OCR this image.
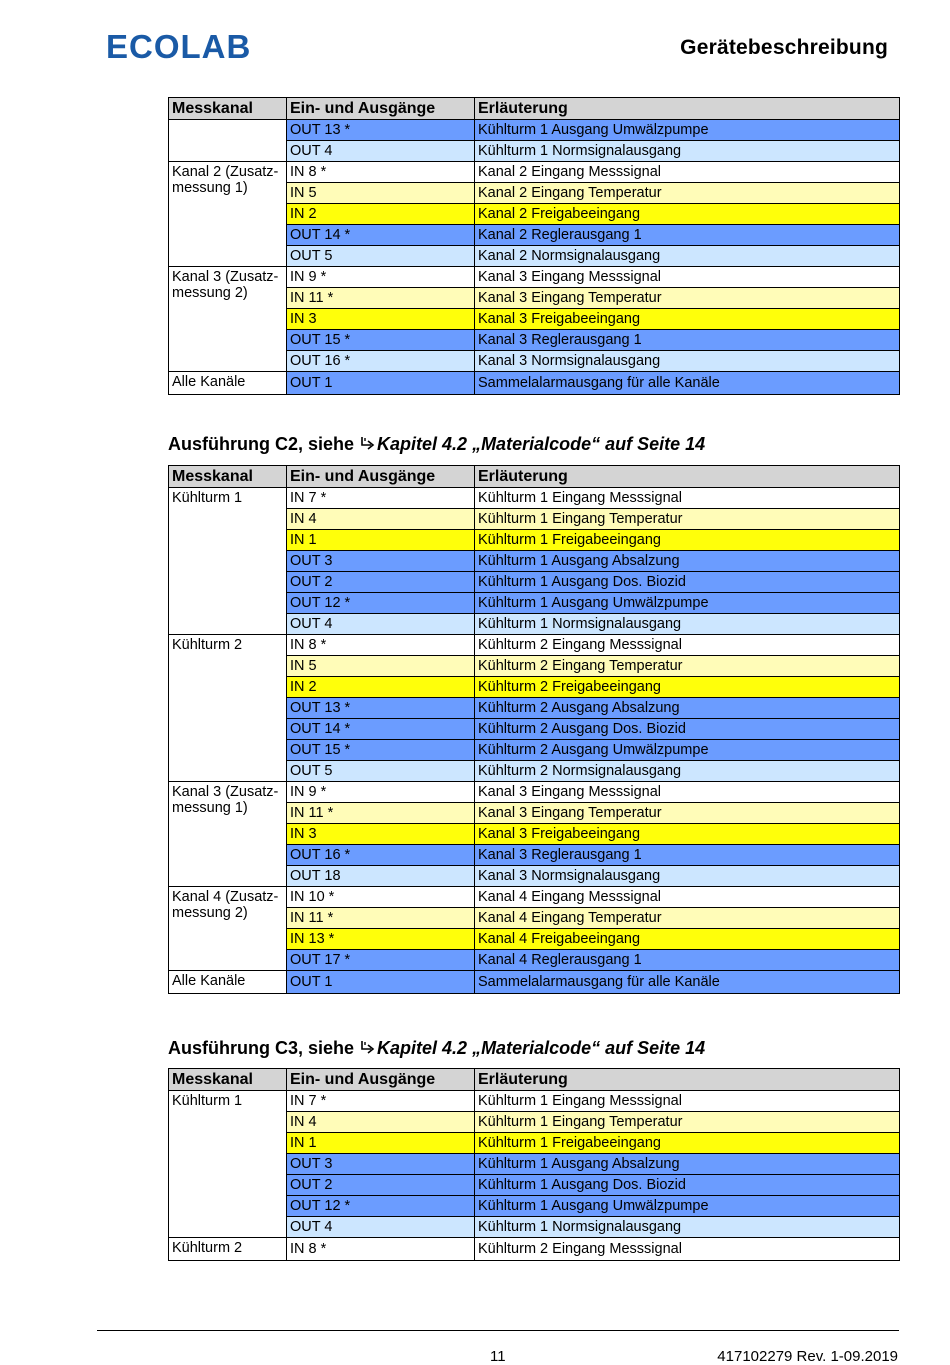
ECOLAB	Gerätebeschreibung
Messkanal	Ein- und Ausgänge	Erläuterung
	OUT 13 *	Kühlturm 1 Ausgang Umwälzpumpe
	OUT 4	Kühlturm 1 Normsignalausgang
Kanal 2 (Zusatz-messung 1)	IN 8 *	Kanal 2 Eingang Messsignal
	IN 5	Kanal 2 Eingang Temperatur
	IN 2	Kanal 2 Freigabeeingang
	OUT 14 *	Kanal 2 Reglerausgang 1
	OUT 5	Kanal 2 Normsignalausgang
Kanal 3 (Zusatz-messung 2)	IN 9 *	Kanal 3 Eingang Messsignal
	IN 11 *	Kanal 3 Eingang Temperatur
	IN 3	Kanal 3 Freigabeeingang
	OUT 15 *	Kanal 3 Reglerausgang 1
	OUT 16 *	Kanal 3 Normsignalausgang
Alle Kanäle	OUT 1	Sammelalarmausgang für alle Kanäle
Ausführung C2, siehe Kapitel 4.2 „Materialcode“ auf Seite 14
Messkanal	Ein- und Ausgänge	Erläuterung
Kühlturm 1	IN 7 *	Kühlturm 1 Eingang Messsignal
	IN 4	Kühlturm 1 Eingang Temperatur
	IN 1	Kühlturm 1 Freigabeeingang
	OUT 3	Kühlturm 1 Ausgang Absalzung
	OUT 2	Kühlturm 1 Ausgang Dos. Biozid
	OUT 12 *	Kühlturm 1 Ausgang Umwälzpumpe
	OUT 4	Kühlturm 1 Normsignalausgang
Kühlturm 2	IN 8 *	Kühlturm 2 Eingang Messsignal
	IN 5	Kühlturm 2 Eingang Temperatur
	IN 2	Kühlturm 2 Freigabeeingang
	OUT 13 *	Kühlturm 2 Ausgang Absalzung
	OUT 14 *	Kühlturm 2 Ausgang Dos. Biozid
	OUT 15 *	Kühlturm 2 Ausgang Umwälzpumpe
	OUT 5	Kühlturm 2 Normsignalausgang
Kanal 3 (Zusatz-messung 1)	IN 9 *	Kanal 3 Eingang Messsignal
	IN 11 *	Kanal 3 Eingang Temperatur
	IN 3	Kanal 3 Freigabeeingang
	OUT 16 *	Kanal 3 Reglerausgang 1
	OUT 18	Kanal 3 Normsignalausgang
Kanal 4 (Zusatz-messung 2)	IN 10 *	Kanal 4 Eingang Messsignal
	IN 11 *	Kanal 4 Eingang Temperatur
	IN 13 *	Kanal 4 Freigabeeingang
	OUT 17 *	Kanal 4 Reglerausgang 1
Alle Kanäle	OUT 1	Sammelalarmausgang für alle Kanäle
Ausführung C3, siehe Kapitel 4.2 „Materialcode“ auf Seite 14
Messkanal	Ein- und Ausgänge	Erläuterung
Kühlturm 1	IN 7 *	Kühlturm 1 Eingang Messsignal
	IN 4	Kühlturm 1 Eingang Temperatur
	IN 1	Kühlturm 1 Freigabeeingang
	OUT 3	Kühlturm 1 Ausgang Absalzung
	OUT 2	Kühlturm 1 Ausgang Dos. Biozid
	OUT 12 *	Kühlturm 1 Ausgang Umwälzpumpe
	OUT 4	Kühlturm 1 Normsignalausgang
Kühlturm 2	IN 8 *	Kühlturm 2 Eingang Messsignal
11	417102279 Rev. 1-09.2019
